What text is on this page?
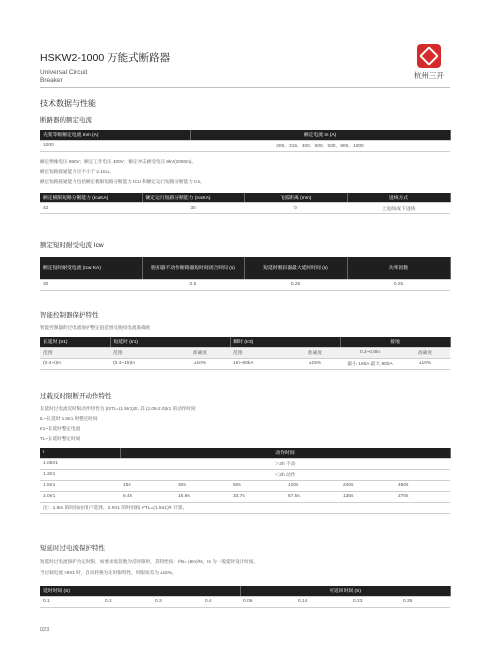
HSKW2-1000 万能式断路器
Universal Circuit
Breaker
杭州三开
技术数据与性能
断路器的额定电流
壳架等级额定电流 Inm (A)	额定电流 In (A)
1000	200、315、400、500、630、800、1000
额定绝缘电压 690V；额定工作电压 400V；额定冲击耐受电压 8kV(2000m)。
额定短路接通能力应不小于 2.1Icu。
额定短路接通能力包括额定极限短路分断能力 ICU 和额定运行短路分断能力 Ics。
额定极限短路分断能力 (IcuKA)	额定运行短路分断能力 (IcsKA)	飞弧距离 (mm)	进线方式
42	30	0	上进线或下进线
额定短时耐受电流 Icw
额定短时耐受电流 (Icw KA)	脱扣器不动作断路器短时间闭合时间 (s)	短延时脱扣器最大延时时间 (s)	功率因数
30	0.5	0.25	0.25
智能控制器保护特性
智能控制器的过电流保护整定值范围及脱扣电流准确度
长延时 (Ir1)	短延时 (Ir1)		瞬时 (Ir3)		接地	
范围	范围	准确度	范围	准确度	0.2~0.8In	准确度
(0.4~I)In	(0.4~15)In	±10%	1In~50kA	±15%	最小 160A 最大 800A	±10%
过载反时限断开动作特性
长延时过电流反时限动作特性为 (I2TL=(1.5Ir1)2t, 其 (1.05-2.0)Ir1 的动作时间
IL~长延时 1.5Ir1 时整定时间
Ir1~长延时整定电流
TL~长延时整定时间
I	动作时间					
1.05Ir1	＞2h 不动					
1.3Ir1	＜2h 动作					
1.5Ir1	15s	30s	60s	120s	240s	480s
2.0Ir1	8.4s	16.9s	33.7s	67.5s	135s	270s
注：1.5In 的时间由用户选择，2.0Ir1 的时间按 I²TL=(1.5Ir1)²t 计算。						
短延时过电流保护特性
短延时过电流保护为定时限，如要求低倍数为反时限时，其特性按：I²ts= (8In)²ts，ts 为一般延时设计时间。
当过载电流 >8Ir1 时，自动转换为定时限特性，时限误差为 ±15%。
延时时间 (S)				可返回时间 (S)			
0.1	0.2	0.3	0.4	0.06	0.14	0.23	0.35
023
